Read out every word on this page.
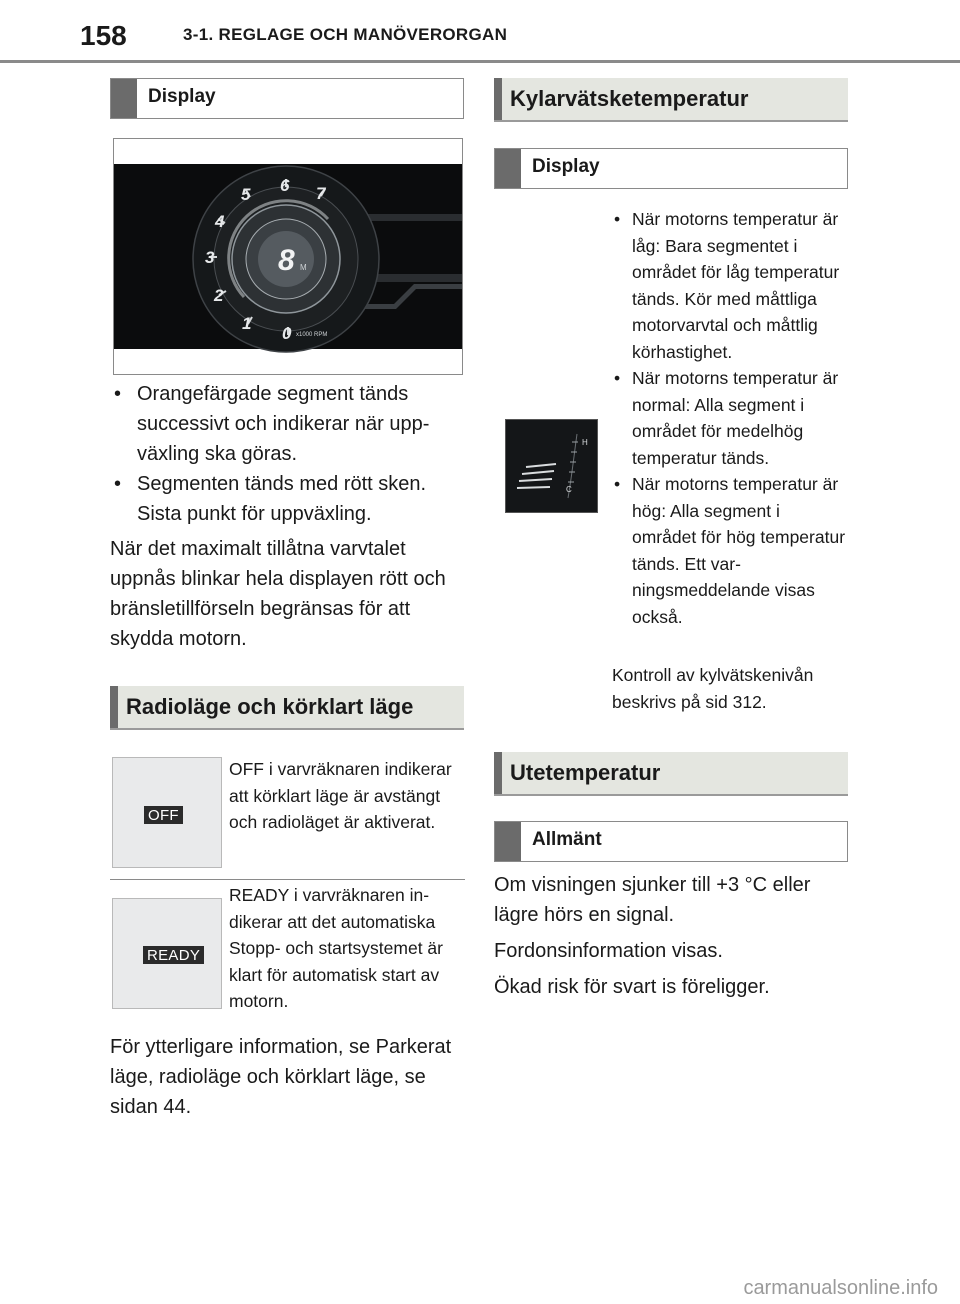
158	3-1. REGLAGE OCH MANÖVERORGAN
Display
0
1
2
3
4
5 6 7
8 M
x1000 RPM
• Orangefärgade segment tänds successivt och indikerar när uppväxling ska göras.
• Segmenten tänds med rött sken. Sista punkt för uppväxling.
När det maximalt tillåtna varvtalet uppnås blinkar hela displayen rött och bränsletillförseln begränsas för att skydda motorn.
Radioläge och körklart läge
OFF
OFF i varvräknaren indikerar att körklart läge är avstängt och radioläget är aktiverat.
READY
READY i varvräknaren indikerar att det automatiska Stopp- och startsystemet är klart för automatisk start av motorn.
För ytterligare information, se Parkerat läge, radioläge och körklart läge, se sidan 44.
Kylarvätsketemperatur
Display
H
C
• När motorns temperatur är låg: Bara segmentet i området för låg temperatur tänds. Kör med måttliga motorvarvtal och måttlig körhastighet.
• När motorns temperatur är normal: Alla segment i området för medelhög temperatur tänds.
• När motorns temperatur är hög: Alla segment i området för hög temperatur tänds. Ett varningsmeddelande visas också.
Kontroll av kylvätskenivån beskrivs på sid 312.
Utetemperatur
Allmänt

Om visningen sjunker till +3 °C eller lägre hörs en signal.

Fordonsinformation visas.

Ökad risk för svart is föreligger.

carmanualsonline.info
